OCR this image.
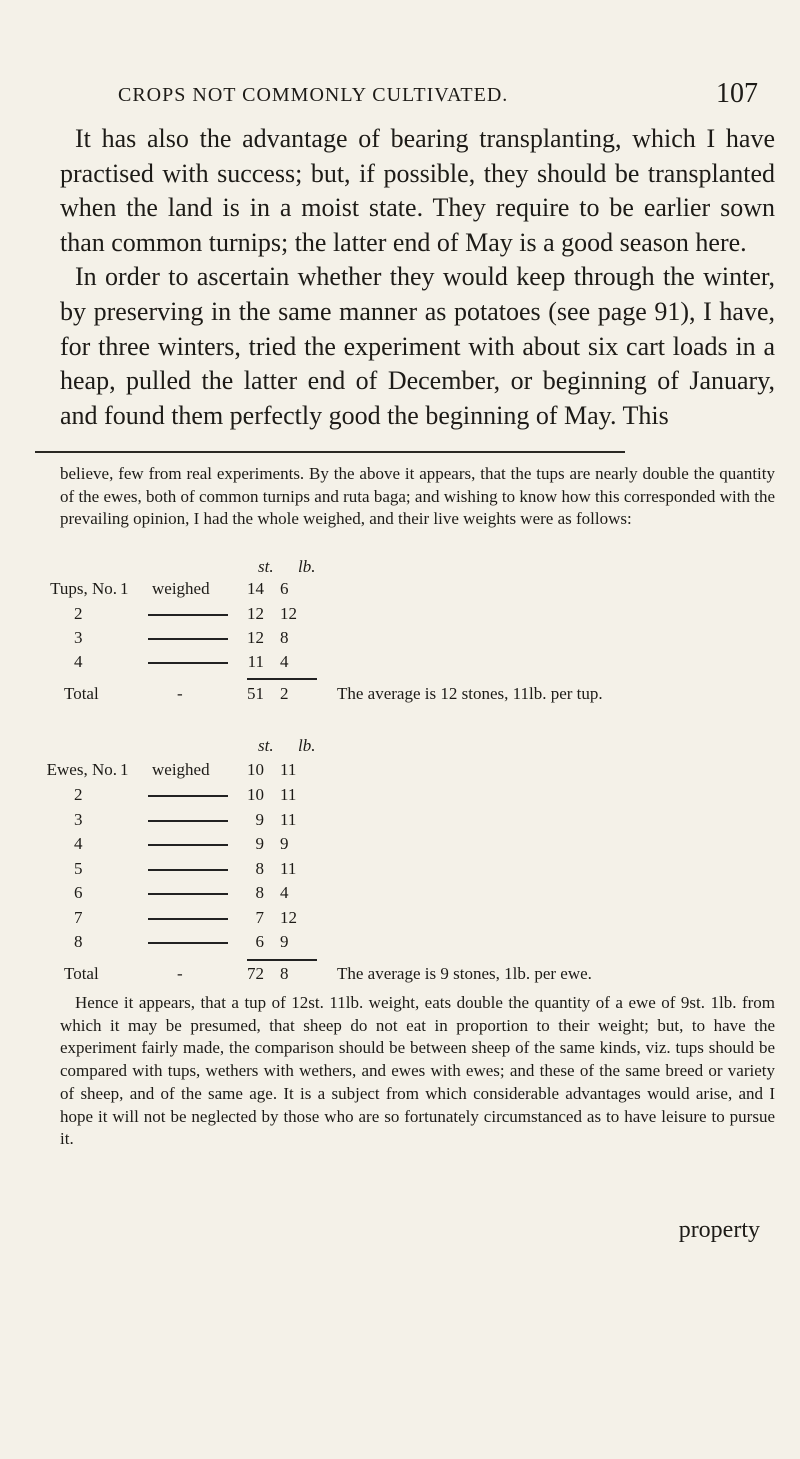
CROPS NOT COMMONLY CULTIVATED.	107

It has also the advantage of bearing transplanting, which I have practised with success; but, if possible, they should be transplanted when the land is in a moist state. They require to be earlier sown than common turnips; the latter end of May is a good season here.

In order to ascertain whether they would keep through the winter, by preserving in the same manner as potatoes (see page 91), I have, for three winters, tried the experiment with about six cart loads in a heap, pulled the latter end of December, or beginning of January, and found them perfectly good the beginning of May. This

believe, few from real experiments. By the above it appears, that the tups are nearly double the quantity of the ewes, both of common turnips and ruta baga; and wishing to know how this corresponded with the prevailing opinion, I had the whole weighed, and their live weights were as follows:

st. lb.
Tups, No. 1 weighed 14 6
2	12 12
3	12 8
4	11 4
Total	-	51 2	The average is 12 stones, 11lb. per tup.
st. lb.
Ewes, No. 1 weighed 10 11
2	10 11
3	9 11
4	9 9
5	8 11
6	8 4
7	7 12
8	6 9
Total	-	72 8	The average is 9 stones, 1lb. per ewe.

Hence it appears, that a tup of 12st. 11lb. weight, eats double the quantity of a ewe of 9st. 1lb. from which it may be presumed, that sheep do not eat in proportion to their weight; but, to have the experiment fairly made, the comparison should be between sheep of the same kinds, viz. tups should be compared with tups, wethers with wethers, and ewes with ewes; and these of the same breed or variety of sheep, and of the same age. It is a subject from which considerable advantages would arise, and I hope it will not be neglected by those who are so fortunately circumstanced as to have leisure to pursue it.

property
